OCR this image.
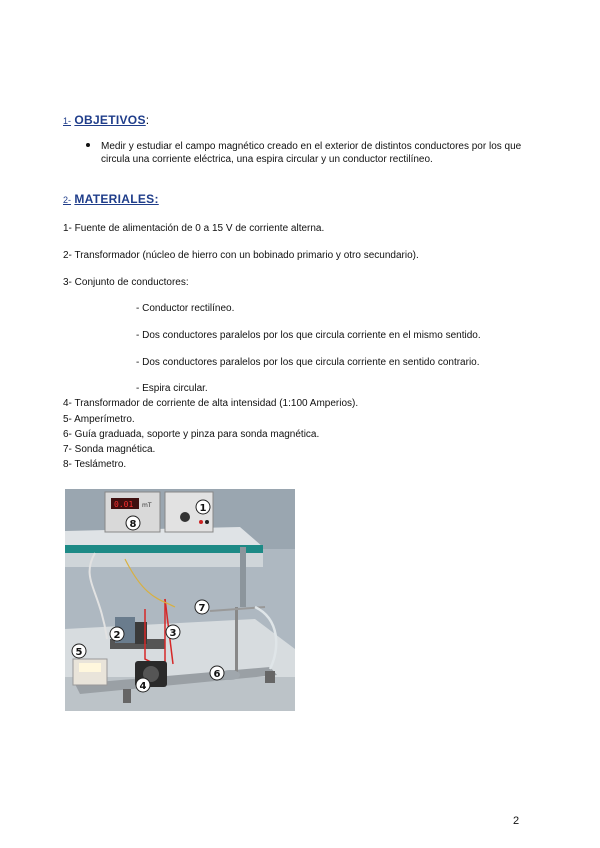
1- OBJETIVOS:
Medir y estudiar el campo magnético creado en el exterior de distintos conductores por los que circula una corriente eléctrica, una espira circular y un conductor rectilíneo.
2- MATERIALES:
1- Fuente de alimentación de 0 a 15 V de corriente alterna.
2- Transformador (núcleo de hierro con un bobinado primario y otro secundario).
3- Conjunto de conductores:
- Conductor rectilíneo.
- Dos conductores paralelos por los que circula corriente en el mismo sentido.
- Dos conductores paralelos por los que circula corriente en sentido contrario.
- Espira circular.
4- Transformador de corriente de alta intensidad (1:100 Amperios).
5- Amperímetro.
6- Guía graduada, soporte y pinza para sonda magnética.
7- Sonda magnética.
8- Teslámetro.
0.01 mT	1
2	3
4
5
6
7
8
2
